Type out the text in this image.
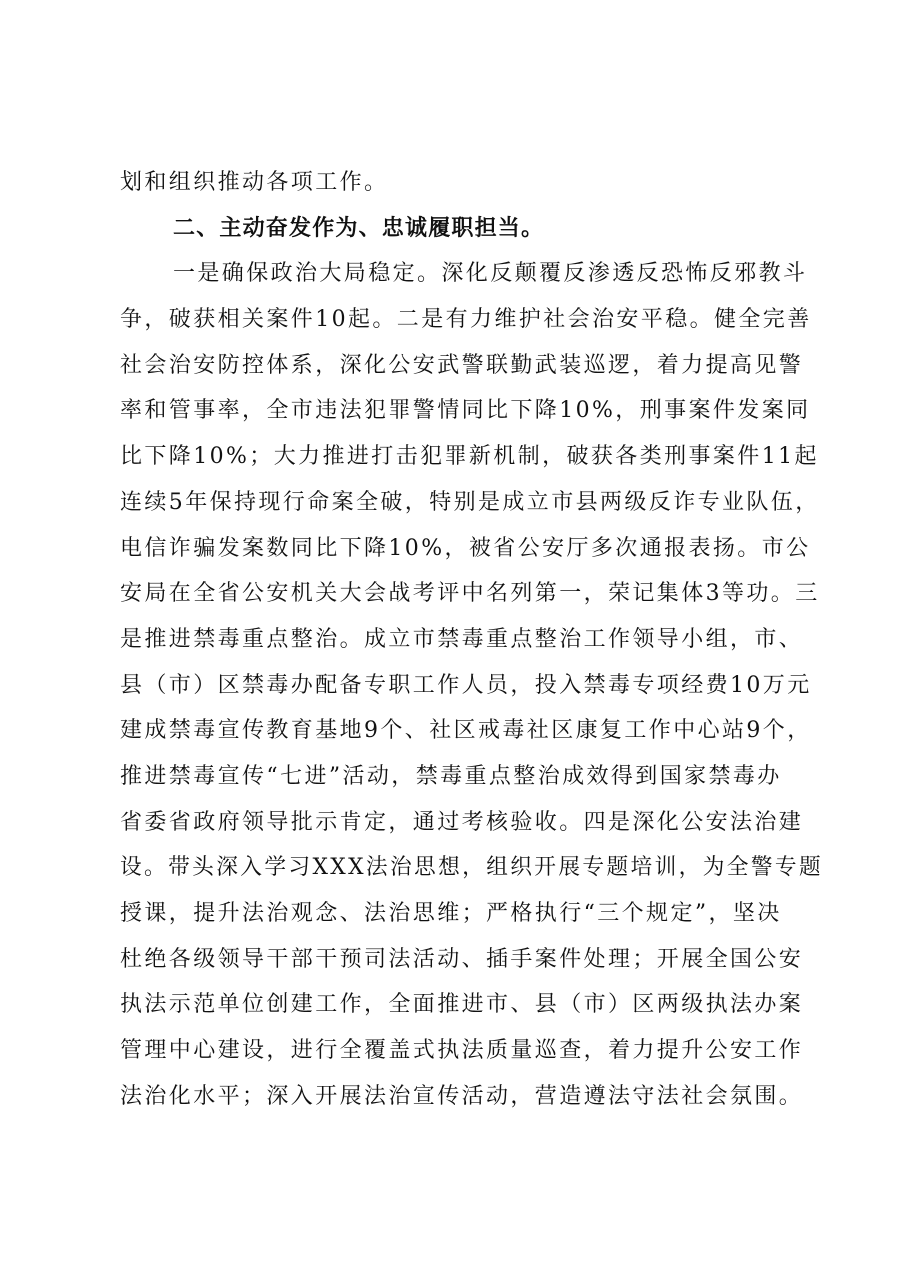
划和组织推动各项工作。
二、主动奋发作为、忠诚履职担当。
一是确保政治大局稳定。深化反颠覆反渗透反恐怖反邪教斗
争，破获相关案件10起。二是有力维护社会治安平稳。健全完善
社会治安防控体系，深化公安武警联勤武装巡逻，着力提高见警
率和管事率，全市违法犯罪警情同比下降10%，刑事案件发案同
比下降10%；大力推进打击犯罪新机制，破获各类刑事案件11起
连续5年保持现行命案全破，特别是成立市县两级反诈专业队伍，
电信诈骗发案数同比下降10%，被省公安厅多次通报表扬。市公
安局在全省公安机关大会战考评中名列第一，荣记集体3等功。三
是推进禁毒重点整治。成立市禁毒重点整治工作领导小组，市、
县（市）区禁毒办配备专职工作人员，投入禁毒专项经费10万元
建成禁毒宣传教育基地9个、社区戒毒社区康复工作中心站9个，
推进禁毒宣传“七进”活动，禁毒重点整治成效得到国家禁毒办
省委省政府领导批示肯定，通过考核验收。四是深化公安法治建
设。带头深入学习XXX法治思想，组织开展专题培训，为全警专题
授课，提升法治观念、法治思维；严格执行“三个规定”，坚决
杜绝各级领导干部干预司法活动、插手案件处理；开展全国公安
执法示范单位创建工作，全面推进市、县（市）区两级执法办案
管理中心建设，进行全覆盖式执法质量巡查，着力提升公安工作
法治化水平；深入开展法治宣传活动，营造遵法守法社会氛围。
